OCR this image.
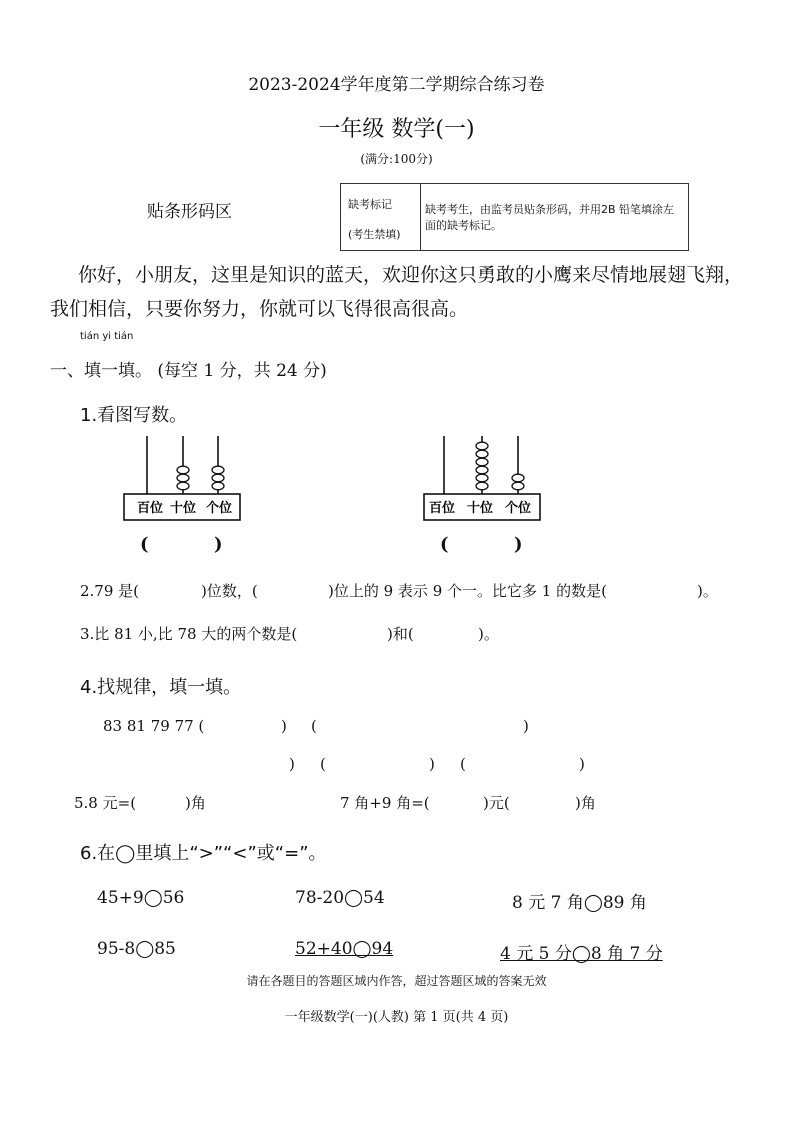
2023-2024学年度第二学期综合练习卷
一年级 数学(一)
(满分:100分)
贴条形码区	缺考标记
(考生禁填)
缺考考生，由监考员贴条形码，并用2B 铅笔填涂左面的缺考标记。
你好，小朋友，这里是知识的蓝天，欢迎你这只勇敢的小鹰来尽情地展翅飞翔，我们相信，只要你努力，你就可以飞得很高很高。
tián yi tián
一、填一填。 (每空 1 分，共 24 分)
1.看图写数。
百位 十位 个位
(	)
百位 十位 个位
(	)
2.79 是(	)位数，(	)位上的 9 表示 9 个一。比它多 1 的数是(	)。
3.比 81 小,比 78 大的两个数是(	)和(	)。
4.找规律，填一填。
83 81 79 77 (	) (	)
) (	) (	)
5.8 元=(	)角	7 角+9 角=(	)元(	)角
6.在◯里填上“>”“<”或“=”。
45+9◯56	78-20◯54	8 元 7 角◯89 角
95-8◯85	52+40◯94	4 元 5 分◯8 角 7 分
请在各题目的答题区域内作答，超过答题区域的答案无效
一年级数学(一)(人教) 第 1 页(共 4 页)
